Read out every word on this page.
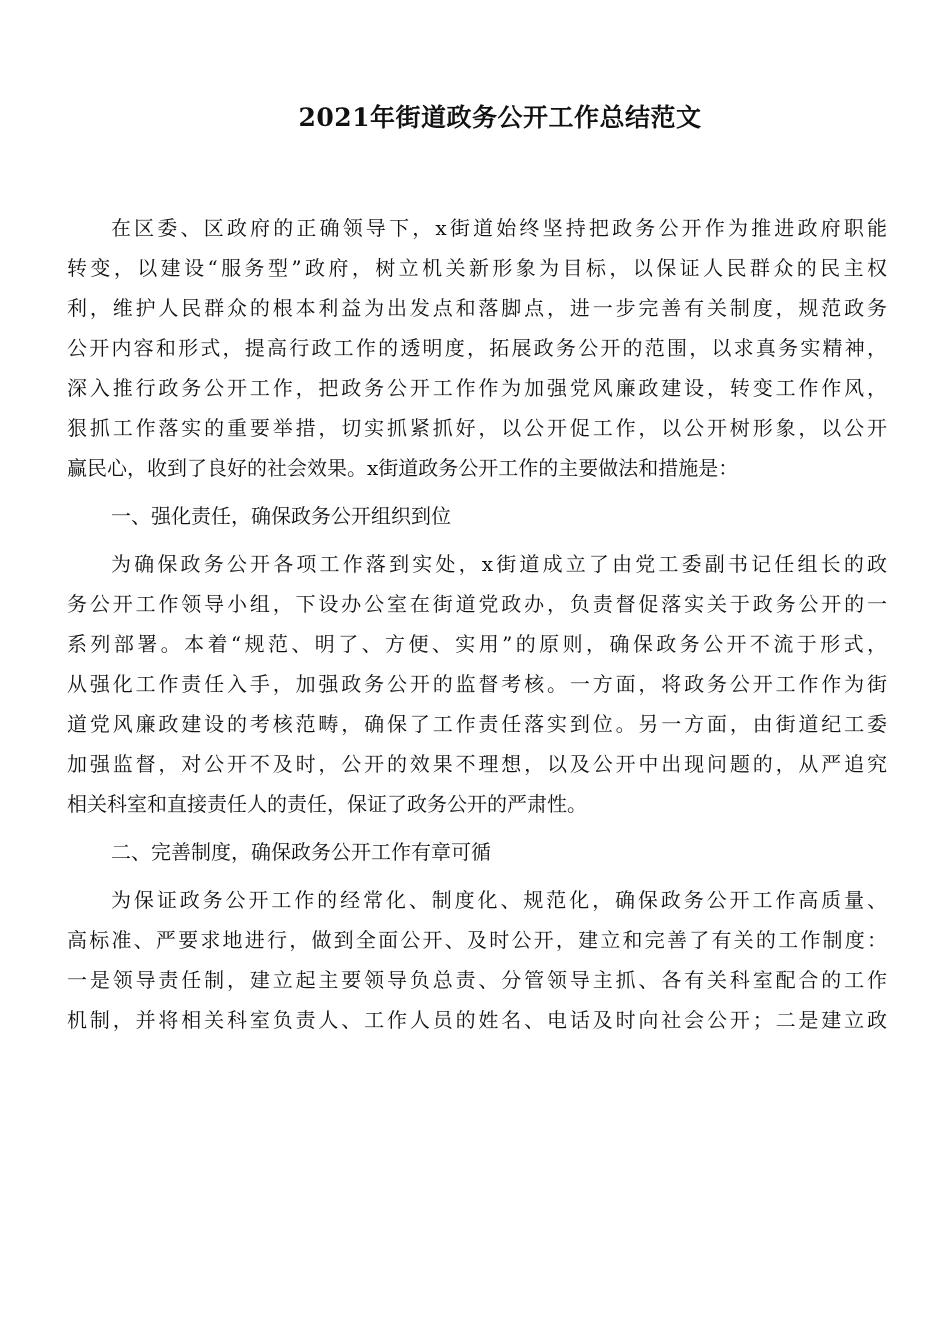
2021年街道政务公开工作总结范文
在区委、区政府的正确领导下，x街道始终坚持把政务公开作为推进政府职能
转变，以建设“服务型”政府，树立机关新形象为目标，以保证人民群众的民主权
利，维护人民群众的根本利益为出发点和落脚点，进一步完善有关制度，规范政务
公开内容和形式，提高行政工作的透明度，拓展政务公开的范围，以求真务实精神，
深入推行政务公开工作，把政务公开工作作为加强党风廉政建设，转变工作作风，
狠抓工作落实的重要举措，切实抓紧抓好，以公开促工作，以公开树形象，以公开
赢民心，收到了良好的社会效果。x街道政务公开工作的主要做法和措施是：
一、强化责任，确保政务公开组织到位
为确保政务公开各项工作落到实处，x街道成立了由党工委副书记任组长的政
务公开工作领导小组，下设办公室在街道党政办，负责督促落实关于政务公开的一
系列部署。本着“规范、明了、方便、实用”的原则，确保政务公开不流于形式，
从强化工作责任入手，加强政务公开的监督考核。一方面，将政务公开工作作为街
道党风廉政建设的考核范畴，确保了工作责任落实到位。另一方面，由街道纪工委
加强监督，对公开不及时，公开的效果不理想，以及公开中出现问题的，从严追究
相关科室和直接责任人的责任，保证了政务公开的严肃性。
二、完善制度，确保政务公开工作有章可循
为保证政务公开工作的经常化、制度化、规范化，确保政务公开工作高质量、
高标准、严要求地进行，做到全面公开、及时公开，建立和完善了有关的工作制度：
一是领导责任制，建立起主要领导负总责、分管领导主抓、各有关科室配合的工作
机制，并将相关科室负责人、工作人员的姓名、电话及时向社会公开；二是建立政
